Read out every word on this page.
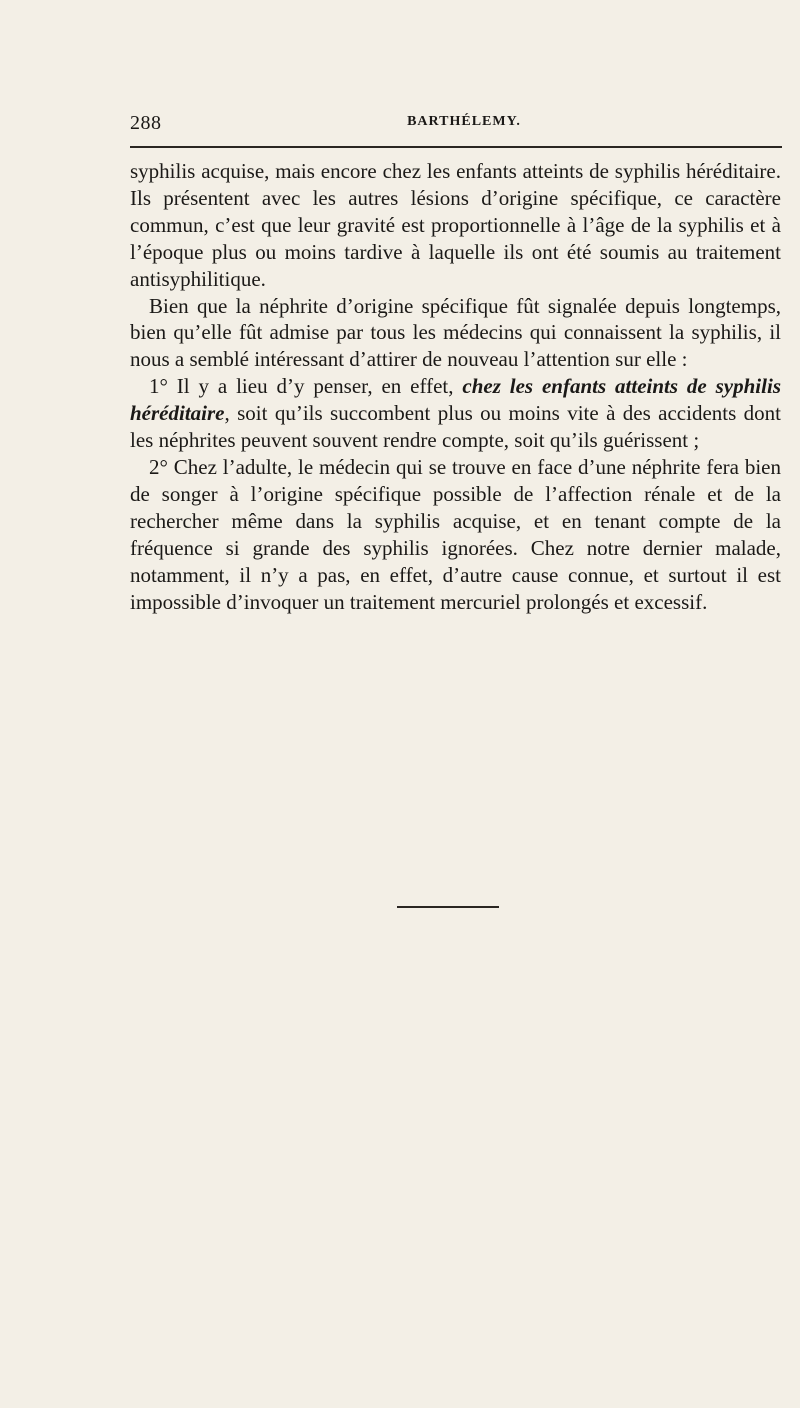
288	BARTHÉLEMY.

syphilis acquise, mais encore chez les enfants atteints de syphilis héréditaire. Ils présentent avec les autres lésions d’origine spécifique, ce caractère commun, c’est que leur gravité est proportionnelle à l’âge de la syphilis et à l’époque plus ou moins tardive à laquelle ils ont été soumis au traitement antisyphilitique.

Bien que la néphrite d’origine spécifique fût signalée depuis longtemps, bien qu’elle fût admise par tous les médecins qui connaissent la syphilis, il nous a semblé intéressant d’attirer de nouveau l’attention sur elle :

1° Il y a lieu d’y penser, en effet, chez les enfants atteints de syphilis héréditaire, soit qu’ils succombent plus ou moins vite à des accidents dont les néphrites peuvent souvent rendre compte, soit qu’ils guérissent ;

2° Chez l’adulte, le médecin qui se trouve en face d’une néphrite fera bien de songer à l’origine spécifique possible de l’affection rénale et de la rechercher même dans la syphilis acquise, et en tenant compte de la fréquence si grande des syphilis ignorées. Chez notre dernier malade, notamment, il n’y a pas, en effet, d’autre cause connue, et surtout il est impossible d’invoquer un traitement mercuriel prolongés et excessif.
